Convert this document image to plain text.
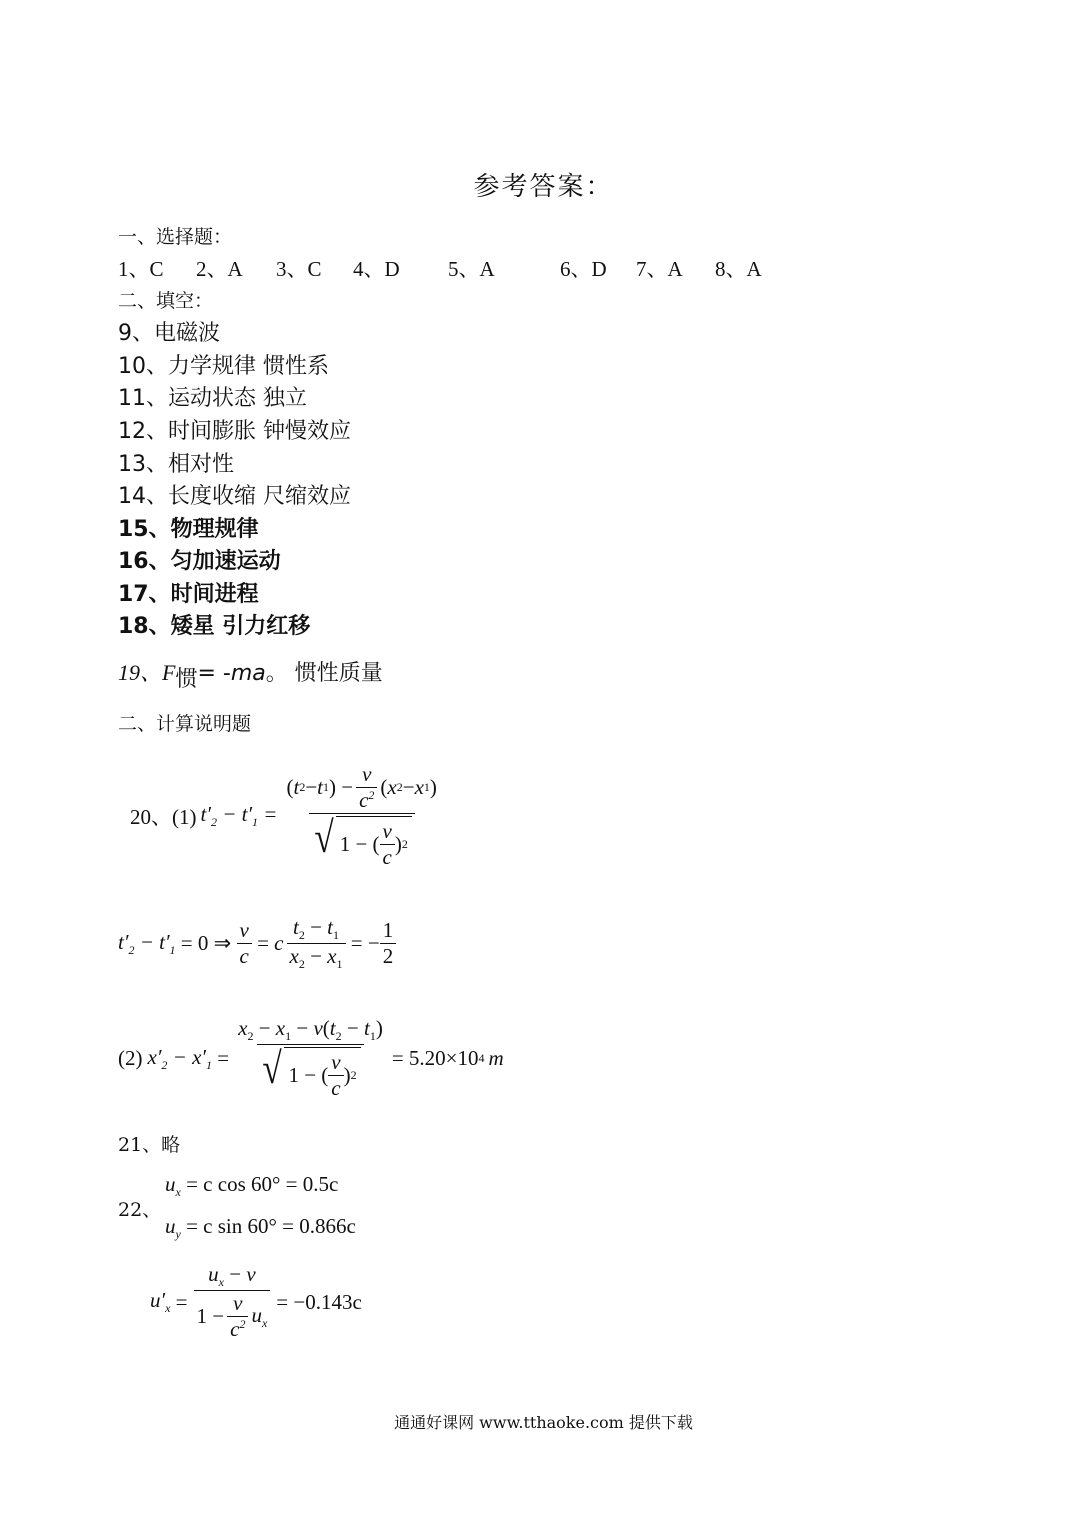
参考答案：
一、选择题：
1、C 2、A 3、C 4、D 5、A	6、D 7、A 8、A
二、填空：
9、电磁波
10、力学规律 惯性系
11、运动状态 独立
12、时间膨胀 钟慢效应
13、相对性
14、长度收缩 尺缩效应
15、物理规律
16、匀加速运动
17、时间进程
18、矮星 引力红移
19、F惯= -ma。 惯性质量
二、计算说明题
20、(1) $t'_2 - t'_1 = \frac{( t 2 - t 1 ) - \frac{v}{c^2} ( x 2 - x 1 )}{√ 1 - ( \frac{v}{c} ) 2}$
$t'_2 - t'_1 = 0$ ⇒ $\frac{v}{c} = c \frac{t_2 - t_1}{x_2 - x_1}$ = − $\frac{1}{2}$
(2) $x'_2 - x'_1 = \frac{x_2 - x_1 - v(t_2 - t_1)}{√ 1 - ( \frac{v}{c} ) 2} = 5.20\times 10$ 4 m
21、略
22、
$u_x = c$ cos 60° = 0.5c
$u_y = c$ sin 60° = 0.866c
$u'_x = \frac{u_x - v}{1 - \frac{v}{c^2} u_x} = -0.143c$
通通好课网 www.tthaoke.com 提供下载
